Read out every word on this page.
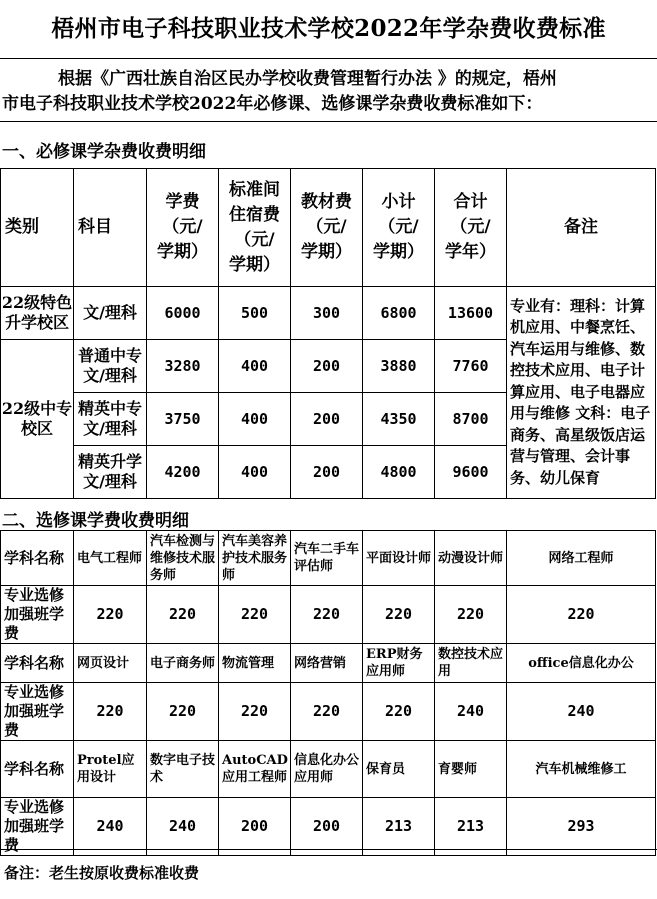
梧州市电子科技职业技术学校2022年学杂费收费标准
根据《广西壮族自治区民办学校收费管理暂行办法 》的规定，梧州
市电子科技职业技术学校2022年必修课、选修课学杂费收费标准如下：
一、必修课学杂费收费明细
类别	科目	学费
（元/
学期）	标准间
住宿费
（元/
学期）	教材费
（元/
学期）	小计
（元/
学期）	合计
（元/
学年）	备注
22级特色升学校区	文/理科	6000	500	300	6800	13600	专业有：理科：计算机应用、中餐烹饪、汽车运用与维修、数控技术应用、电子计算应用、电子电器应用与维修 文科：电子商务、高星级饭店运营与管理、会计事务、幼儿保育
22级中专校区	普通中专文/理科	3280	400	200	3880	7760	
	精英中专文/理科	3750	400	200	4350	8700	
	精英升学文/理科	4200	400	200	4800	9600	
二、选修课学费收费明细
学科名称	电气工程师	汽车检测与维修技术服务师	汽车美容养护技术服务师	汽车二手车评估师	平面设计师	动漫设计师	网络工程师
专业选修加强班学费	220	220	220	220	220	220	220
学科名称	网页设计	电子商务师	物流管理	网络营销	ERP财务应用师	数控技术应用	office信息化办公
专业选修加强班学费	220	220	220	220	220	240	240
学科名称	Protel应用设计	数字电子技术	AutoCAD应用工程师	信息化办公应用师	保育员	育婴师	汽车机械维修工
专业选修加强班学费	240	240	200	200	213	213	293
备注：老生按原收费标准收费
